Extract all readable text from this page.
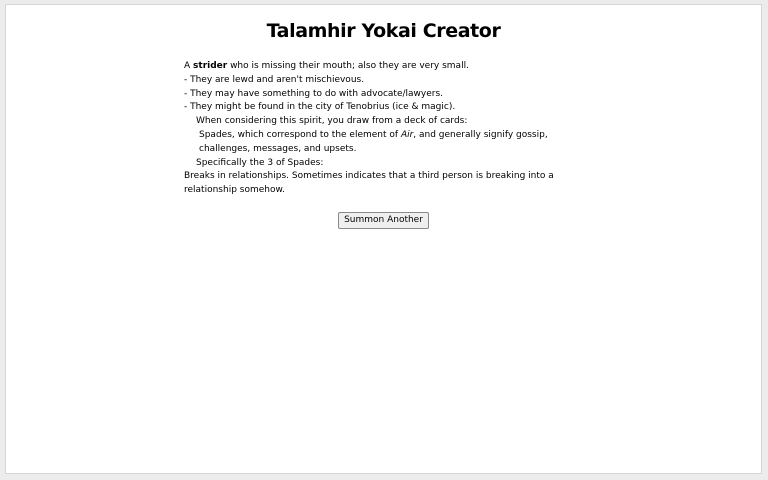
Talamhir Yokai Creator
A strider who is missing their mouth; also they are very small.
- They are lewd and aren't mischievous.
- They may have something to do with advocate/lawyers.
- They might be found in the city of Tenobrius (ice & magic).
When considering this spirit, you draw from a deck of cards:
Spades, which correspond to the element of Air, and generally signify gossip, challenges, messages, and upsets.
Specifically the 3 of Spades:
Breaks in relationships. Sometimes indicates that a third person is breaking into a relationship somehow.
Summon Another
